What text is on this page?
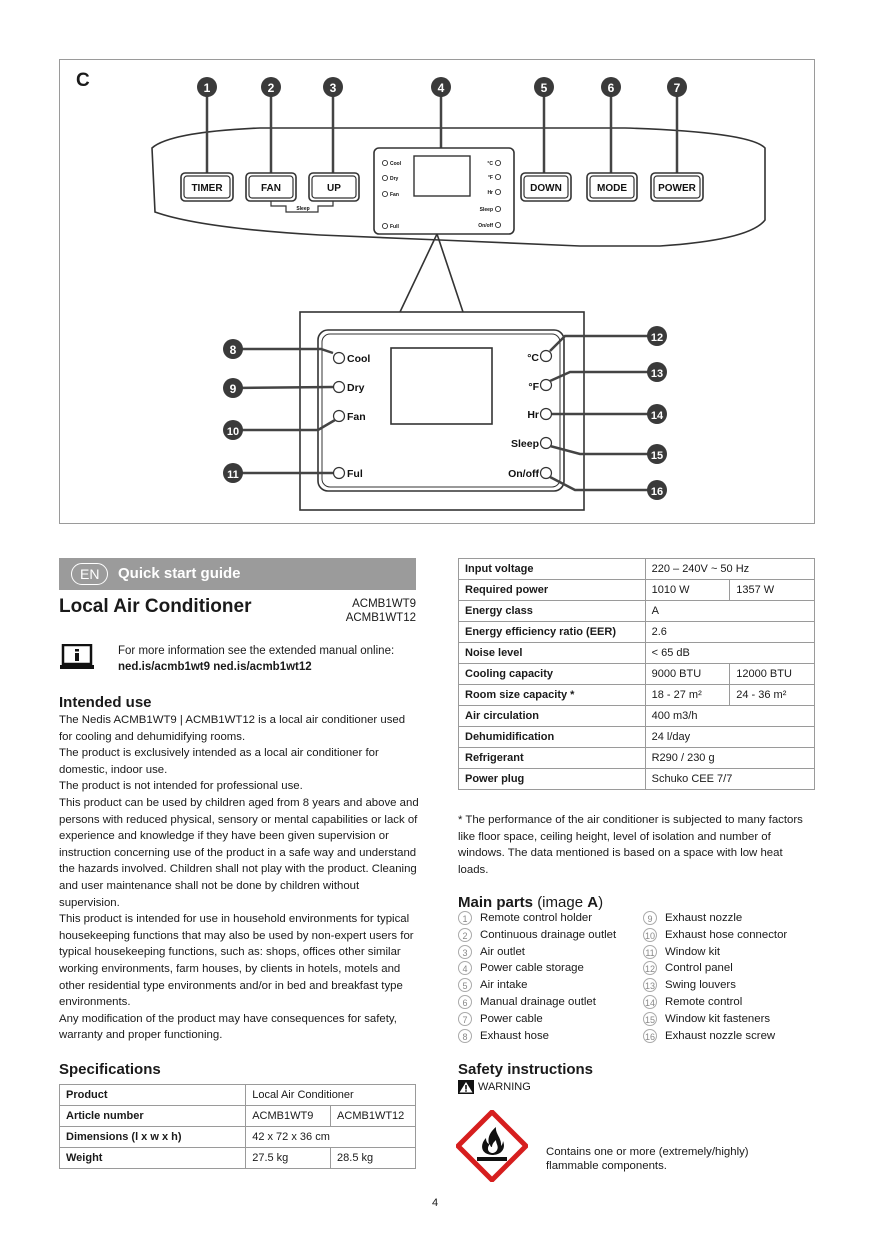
C
TIMER	FAN	UP	DOWN	MODE	POWER
Sleep
Cool
Dry
Fan
Full
°C
°F
Hr
Sleep
On/off
Cool
Dry
Fan
Ful
°C
°F
Hr
Sleep
On/off
1	2	3	4	5	6	7
8
9
10
11
12
13
14
15
16
EN	Quick start guide
Local Air Conditioner	ACMB1WT9
ACMB1WT12
For more information see the extended manual online:
ned.is/acmb1wt9 ned.is/acmb1wt12
Intended use

The Nedis ACMB1WT9 | ACMB1WT12 is a local air conditioner used for cooling and dehumidifying rooms.

The product is exclusively intended as a local air conditioner for domestic, indoor use.

The product is not intended for professional use.

This product can be used by children aged from 8 years and above and persons with reduced physical, sensory or mental capabilities or lack of experience and knowledge if they have been given supervision or instruction concerning use of the product in a safe way and understand the hazards involved. Children shall not play with the product. Cleaning and user maintenance shall not be done by children without supervision.

This product is intended for use in household environments for typical housekeeping functions that may also be used by non-expert users for typical housekeeping functions, such as: shops, offices other similar working environments, farm houses, by clients in hotels, motels and other residential type environments and/or in bed and breakfast type environments.

Any modification of the product may have consequences for safety, warranty and proper functioning.

Specifications
Product	Local Air Conditioner	
Article number	ACMB1WT9	ACMB1WT12
Dimensions (l x w x h)	42 x 72 x 36 cm	
Weight	27.5 kg	28.5 kg
Input voltage	220 – 240V ~ 50 Hz	
Required power	1010 W	1357 W
Energy class	A	
Energy efficiency ratio (EER)	2.6	
Noise level	< 65 dB	
Cooling capacity	9000 BTU	12000 BTU
Room size capacity *	18 - 27 m²	24 - 36 m²
Air circulation	400 m3/h	
Dehumidification	24 l/day	
Refrigerant	R290 / 230 g	
Power plug	Schuko CEE 7/7	
* The performance of the air conditioner is subjected to many factors like floor space, ceiling height, level of isolation and number of windows. The data mentioned is based on a space with low heat loads.
Main parts (image A)
1 Remote control holder
2 Continuous drainage outlet
3 Air outlet
4 Power cable storage
5 Air intake
6 Manual drainage outlet
7 Power cable
8 Exhaust hose
9 Exhaust nozzle
10 Exhaust hose connector
11 Window kit
12 Control panel
13 Swing louvers
14 Remote control
15 Window kit fasteners
16 Exhaust nozzle screw
Safety instructions
WARNING
Contains one or more (extremely/highly) flammable components.
4
